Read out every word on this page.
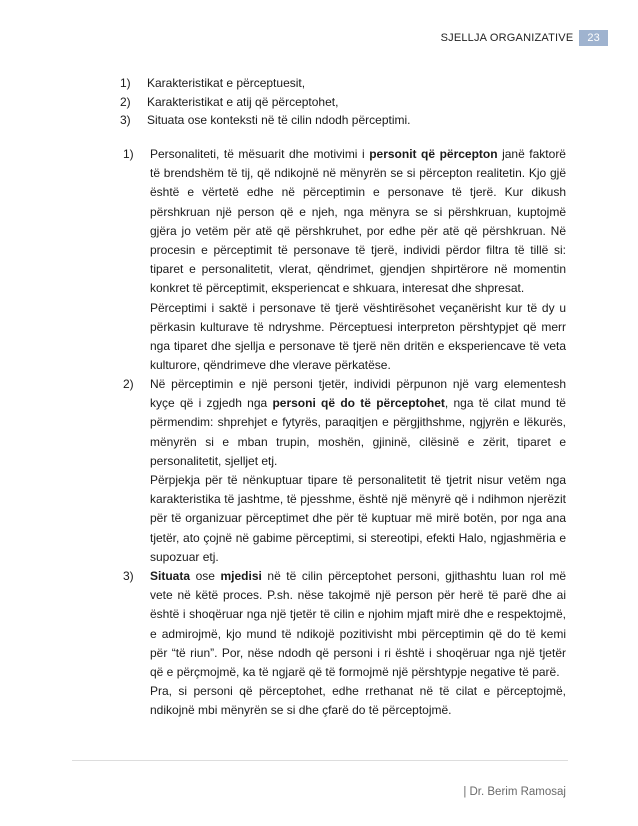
SJELLJA ORGANIZATIVE	23
1)	Karakteristikat e përceptuesit,
2)	Karakteristikat e atij që përceptohet,
3)	Situata ose konteksti në të cilin ndodh përceptimi.
1) Personaliteti, të mësuarit dhe motivimi i personit që përcepton janë faktorë të brendshëm të tij, që ndikojnë në mënyrën se si përcepton realitetin. Kjo gjë është e vërtetë edhe në përceptimin e personave të tjerë. Kur dikush përshkruan një person që e njeh, nga mënyra se si përshkruan, kuptojmë gjëra jo vetëm për atë që përshkruhet, por edhe për atë që përshkruan. Në procesin e përceptimit të personave të tjerë, individi përdor filtra të tillë si: tiparet e personalitetit, vlerat, qëndrimet, gjendjen shpirtërore në momentin konkret të përceptimit, eksperiencat e shkuara, interesat dhe shpresat.

Përceptimi i saktë i personave të tjerë vështirësohet veçanërisht kur të dy u përkasin kulturave të ndryshme. Përceptuesi interpreton përshtypjet që merr nga tiparet dhe sjellja e personave të tjerë nën dritën e eksperiencave të veta kulturore, qëndrimeve dhe vlerave përkatëse.

2) Në përceptimin e një personi tjetër, individi përpunon një varg elementesh kyçe që i zgjedh nga personi që do të përceptohet, nga të cilat mund të përmendim: shprehjet e fytyrës, paraqitjen e përgjithshme, ngjyrën e lëkurës, mënyrën si e mban trupin, moshën, gjininë, cilësinë e zërit, tiparet e personalitetit, sjelljet etj.

Përpjekja për të nënkuptuar tipare të personalitetit të tjetrit nisur vetëm nga karakteristika të jashtme, të pjesshme, është një mënyrë që i ndihmon njerëzit për të organizuar përceptimet dhe për të kuptuar më mirë botën, por nga ana tjetër, ato çojnë në gabime përceptimi, si stereotipi, efekti Halo, ngjashmëria e supozuar etj.

3) Situata ose mjedisi në të cilin përceptohet personi, gjithashtu luan rol më vete në këtë proces. P.sh. nëse takojmë një person për herë të parë dhe ai është i shoqëruar nga një tjetër të cilin e njohim mjaft mirë dhe e respektojmë, e admirojmë, kjo mund të ndikojë pozitivisht mbi përceptimin që do të kemi për “të riun”. Por, nëse ndodh që personi i ri është i shoqëruar nga një tjetër që e përçmojmë, ka të ngjarë që të formojmë një përshtypje negative të parë.

Pra, si personi që përceptohet, edhe rrethanat në të cilat e përceptojmë, ndikojnë mbi mënyrën se si dhe çfarë do të përceptojmë.

| Dr. Berim Ramosaj
